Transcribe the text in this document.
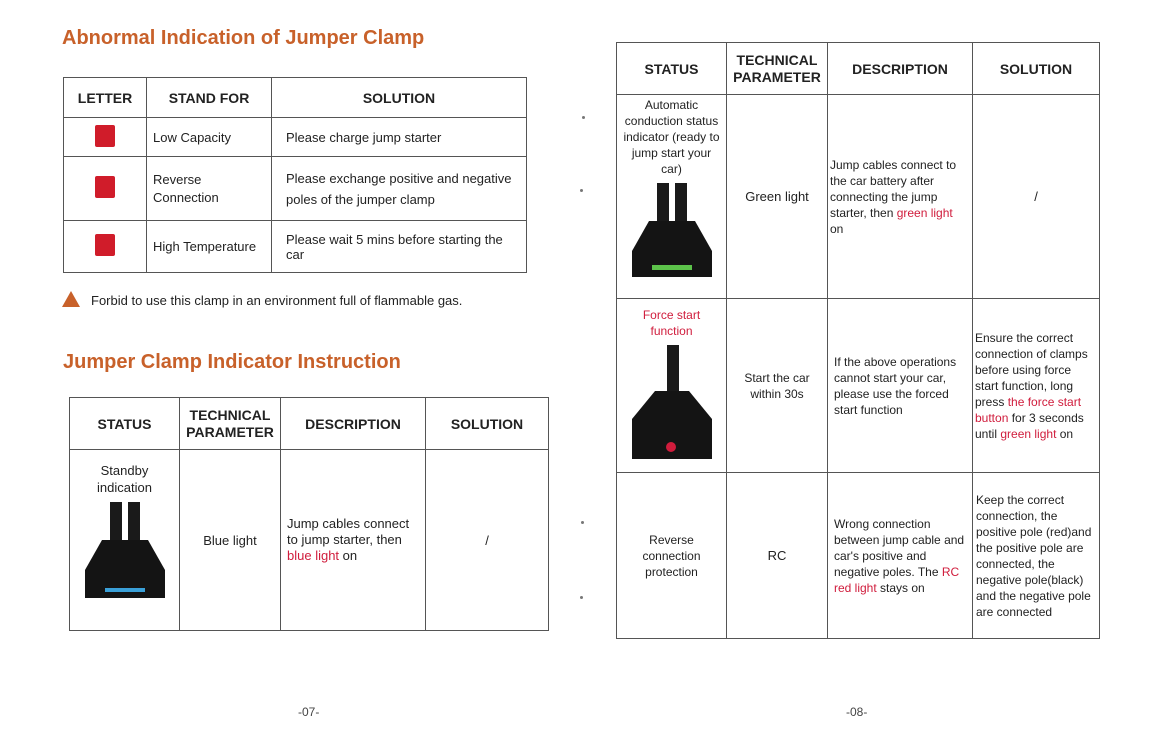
Abnormal Indication of Jumper Clamp
LETTER	STAND FOR	SOLUTION
	Low Capacity	Please charge jump starter
	Reverse Connection	Please exchange positive and negative poles of the jumper clamp
	High Temperature	Please wait 5 mins before starting the car
Forbid to use this clamp in an environment full of flammable gas.
Jumper Clamp Indicator Instruction
STATUS	TECHNICAL PARAMETER	DESCRIPTION	SOLUTION

Standby indication	Blue light	Jump cables connect to jump starter, then blue light on	/
-07-
STATUS	TECHNICAL PARAMETER	DESCRIPTION	SOLUTION

Automatic conduction status indicator (ready to jump start your car)	Green light	Jump cables connect to the car battery after connecting the jump starter, then green light on	/

Force start function	Start the car within 30s	If the above operations cannot start your car, please use the forced start function	Ensure the correct connection of clamps before using force start function, long press the force start button for 3 seconds until green light on
Reverse connection protection	RC	Wrong connection between jump cable and car's positive and negative poles. The RC red light stays on	Keep the correct connection, the positive pole (red)and the positive pole are connected, the negative pole(black) and the negative pole are connected
-08-
